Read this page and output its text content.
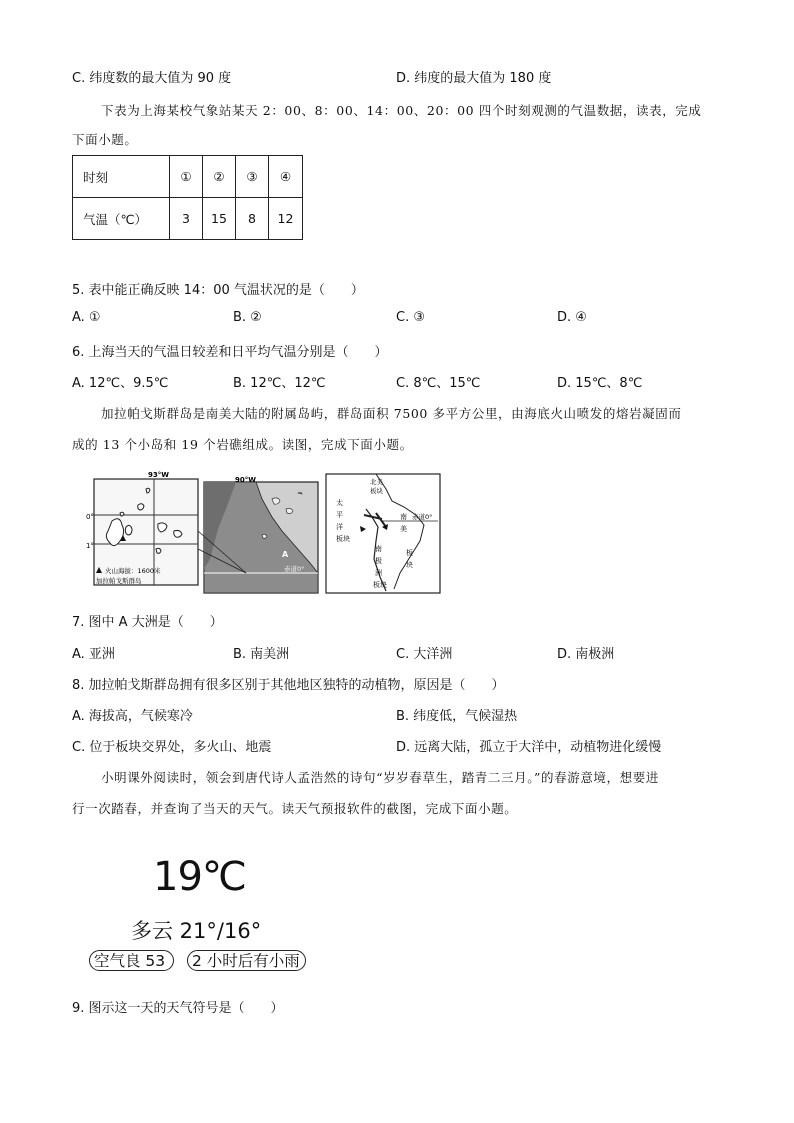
C. 纬度数的最大值为 90 度	D. 纬度的最大值为 180 度
下表为上海某校气象站某天 2：00、8：00、14：00、20：00 四个时刻观测的气温数据，读表，完成
下面小题。
时刻	①	②	③	④
气温（℃）	3	15	8	12
5. 表中能正确反映 14：00 气温状况的是（　　）
A. ①	B. ②	C. ③	D. ④
6. 上海当天的气温日较差和日平均气温分别是（　　）
A. 12℃、9.5℃	B. 12℃、12℃	C. 8℃、15℃	D. 15℃、8℃
加拉帕戈斯群岛是南美大陆的附属岛屿，群岛面积 7500 多平方公里，由海底火山喷发的熔岩凝固而
成的 13 个小岛和 19 个岩礁组成。读图，完成下面小题。
93°W
0°
1°
火山海拔：1600米
加拉帕戈斯群岛
90°W
A
赤道0°
北美
板块
太
平
洋
板块
南
美
板
块
南
极
洲
板块
赤道0°
7. 图中 A 大洲是（　　）
A. 亚洲	B. 南美洲	C. 大洋洲	D. 南极洲
8. 加拉帕戈斯群岛拥有很多区别于其他地区独特的动植物，原因是（　　）
A. 海拔高，气候寒冷	B. 纬度低，气候湿热
C. 位于板块交界处，多火山、地震	D. 远离大陆，孤立于大洋中，动植物进化缓慢
小明课外阅读时，领会到唐代诗人孟浩然的诗句“岁岁春草生，踏青二三月。”的春游意境，想要进
行一次踏春，并查询了当天的天气。读天气预报软件的截图，完成下面小题。
19℃
多云 21°/16°
空气良 53	2 小时后有小雨
9. 图示这一天的天气符号是（　　）
